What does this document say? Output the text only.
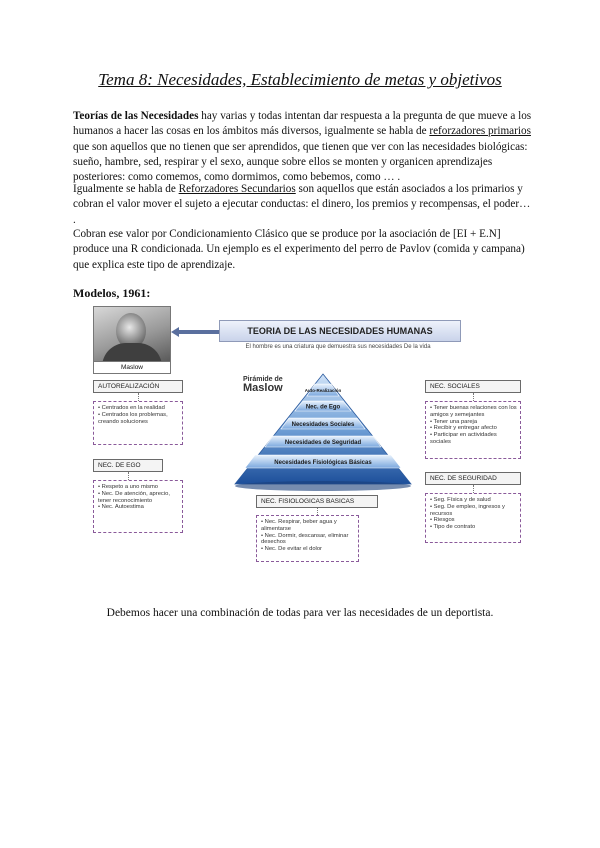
Tema 8: Necesidades, Establecimiento de metas y objetivos

Teorías de las Necesidades hay varias y todas intentan dar respuesta a la pregunta de que mueve a los humanos a hacer las cosas en los ámbitos más diversos, igualmente se habla de reforzadores primarios que son aquellos que no tienen que ser aprendidos, que tienen que ver con las necesidades biológicas: sueño, hambre, sed, respirar y el sexo, aunque sobre ellos se monten y organicen aprendizajes posteriores: como comemos, como dormimos, como bebemos, como … .

Igualmente se habla de Reforzadores Secundarios son aquellos que están asociados a los primarios y cobran el valor mover el sujeto a ejecutar conductas: el dinero, los premios y recompensas, el poder… .

Cobran ese valor por Condicionamiento Clásico que se produce por la asociación de [EI + E.N] produce una R condicionada. Un ejemplo es el experimento del perro de Pavlov (comida y campana) que explica este tipo de aprendizaje.

Modelos, 1961:
Maslow
TEORIA DE LAS NECESIDADES HUMANAS
El hombre es una criatura que demuestra sus necesidades De la vida
AUTOREALIZACIÓN
• Centrados en la realidad
• Centrados los problemas, creando soluciones
NEC. DE EGO
• Respeto a uno mismo
• Nec. De atención, aprecio, tener reconocimiento
• Nec. Autoestima
Pirámide de
Maslow	Auto-Realización
Nec. de Ego
Necesidades Sociales
Necesidades de Seguridad
Necesidades Fisiológicas Básicas
NEC. FISIOLOGICAS BASICAS
• Nec. Respirar, beber agua y alimentarse
• Nec. Dormir, descansar, eliminar desechos
• Nec. De evitar el dolor
NEC. SOCIALES
• Tener buenas relaciones con los amigos y semejantes
• Tener una pareja
• Recibir y entregar afecto
• Participar en actividades sociales
NEC. DE SEGURIDAD
• Seg. Física y de salud
• Seg. De empleo, ingresos y recursos
• Riesgos
• Tipo de contrato
Debemos hacer una combinación de todas para ver las necesidades de un deportista.
